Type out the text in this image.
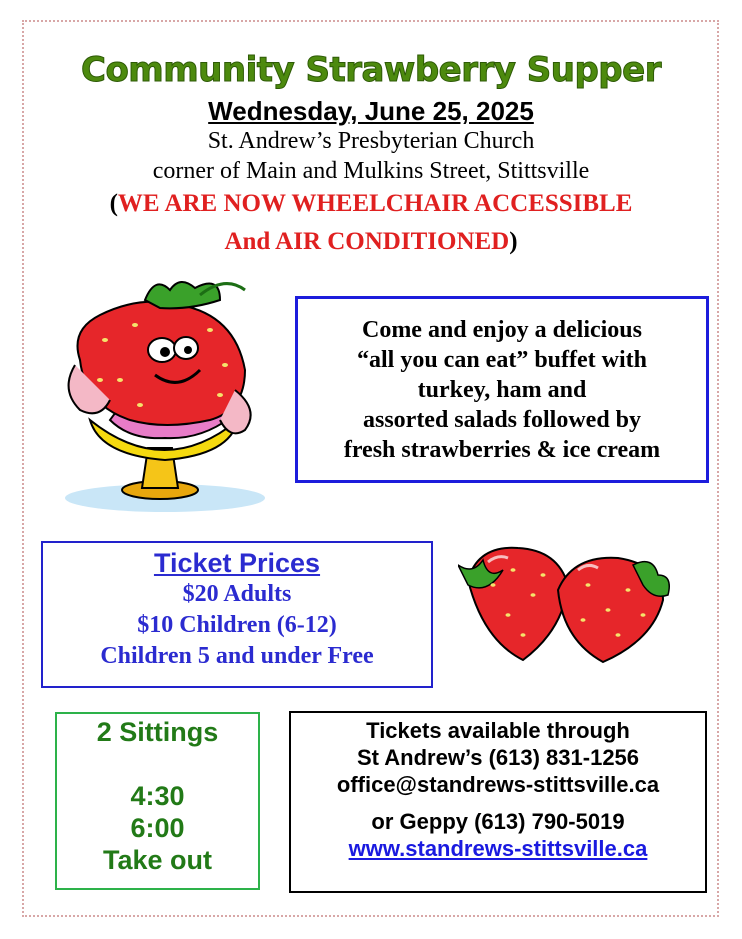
Community Strawberry Supper
Wednesday, June 25, 2025
St. Andrew’s Presbyterian Church
corner of Main and Mulkins Street, Stittsville
(WE ARE NOW WHEELCHAIR ACCESSIBLE
And AIR CONDITIONED)
Come and enjoy a delicious
“all you can eat” buffet with
turkey, ham and
assorted salads followed by
fresh strawberries & ice cream
Ticket Prices
$20 Adults
$10 Children (6-12)
Children 5 and under Free
2 Sittings
4:30
6:00
Take out
Tickets available through
St Andrew’s (613) 831-1256
office@standrews-stittsville.ca
or Geppy (613) 790-5019
www.standrews-stittsville.ca
